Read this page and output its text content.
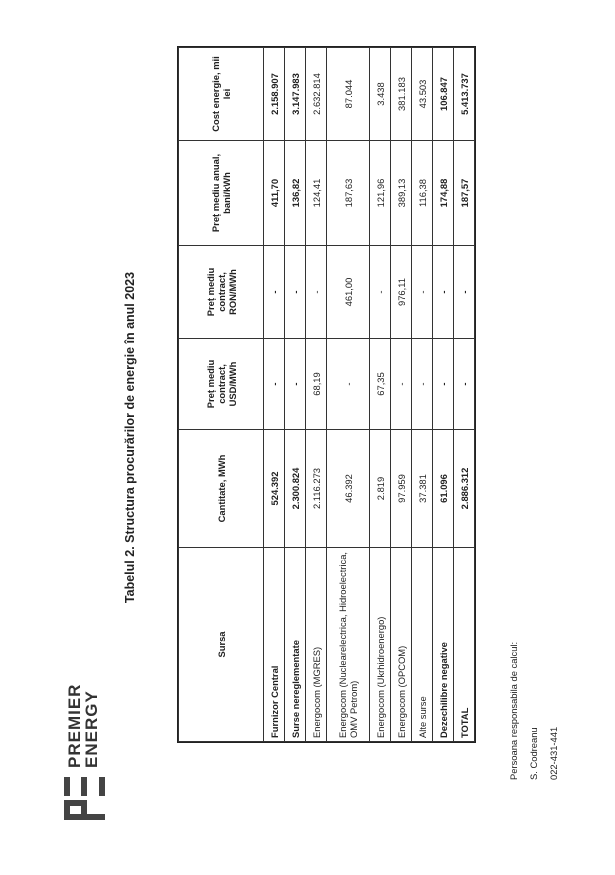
PREMIER
ENERGY
Tabelul 2. Structura procurărilor de energie în anul 2023
Sursa	Cantitate, MWh	Preț mediu contract, USD/MWh	Preț mediu contract, RON/MWh	Preț mediu anual, bani/kWh	Cost energie, mii lei
Furnizor Central	524.392	-	-	411,70	2.158.907
Surse nereglementate	2.300.824	-	-	136,82	3.147.983
Energocom (MGRES)	2.116.273	68,19	-	124,41	2.632.814
Energocom (Nuclearelectrica, Hidroelectrica, OMV Petrom)	46.392	-	461,00	187,63	87.044
Energocom (Ukrhidroenergo)	2.819	67,35	-	121,96	3.438
Energocom (OPCOM)	97.959	-	976,11	389,13	381.183
Alte surse	37.381	-	-	116,38	43.503
Dezechilibre negative	61.096	-	-	174,88	106.847
TOTAL	2.886.312	-	-	187,57	5.413.737
Persoana responsabila de calcul: S. Codreanu 022-431-441
